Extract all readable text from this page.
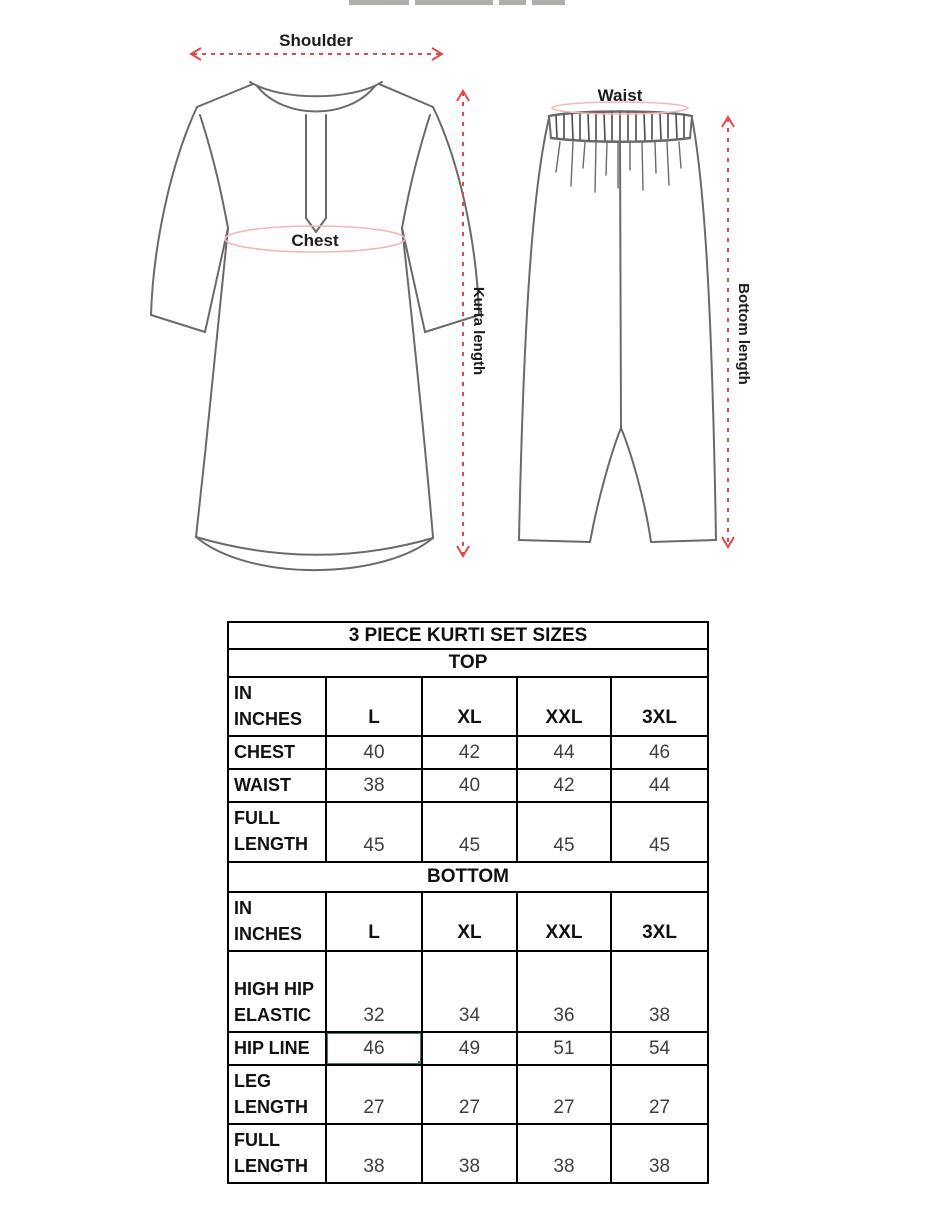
Chest
Shoulder
Kurta length
Waist
Bottom length
3 PIECE KURTI SET SIZES				
TOP				
IN INCHES	L	XL	XXL	3XL
CHEST	40	42	44	46
WAIST	38	40	42	44
FULL LENGTH	45	45	45	45
BOTTOM				
IN INCHES	L	XL	XXL	3XL
HIGH HIP ELASTIC	32	34	36	38
HIP LINE	46	49	51	54
LEG LENGTH	27	27	27	27
FULL LENGTH	38	38	38	38
